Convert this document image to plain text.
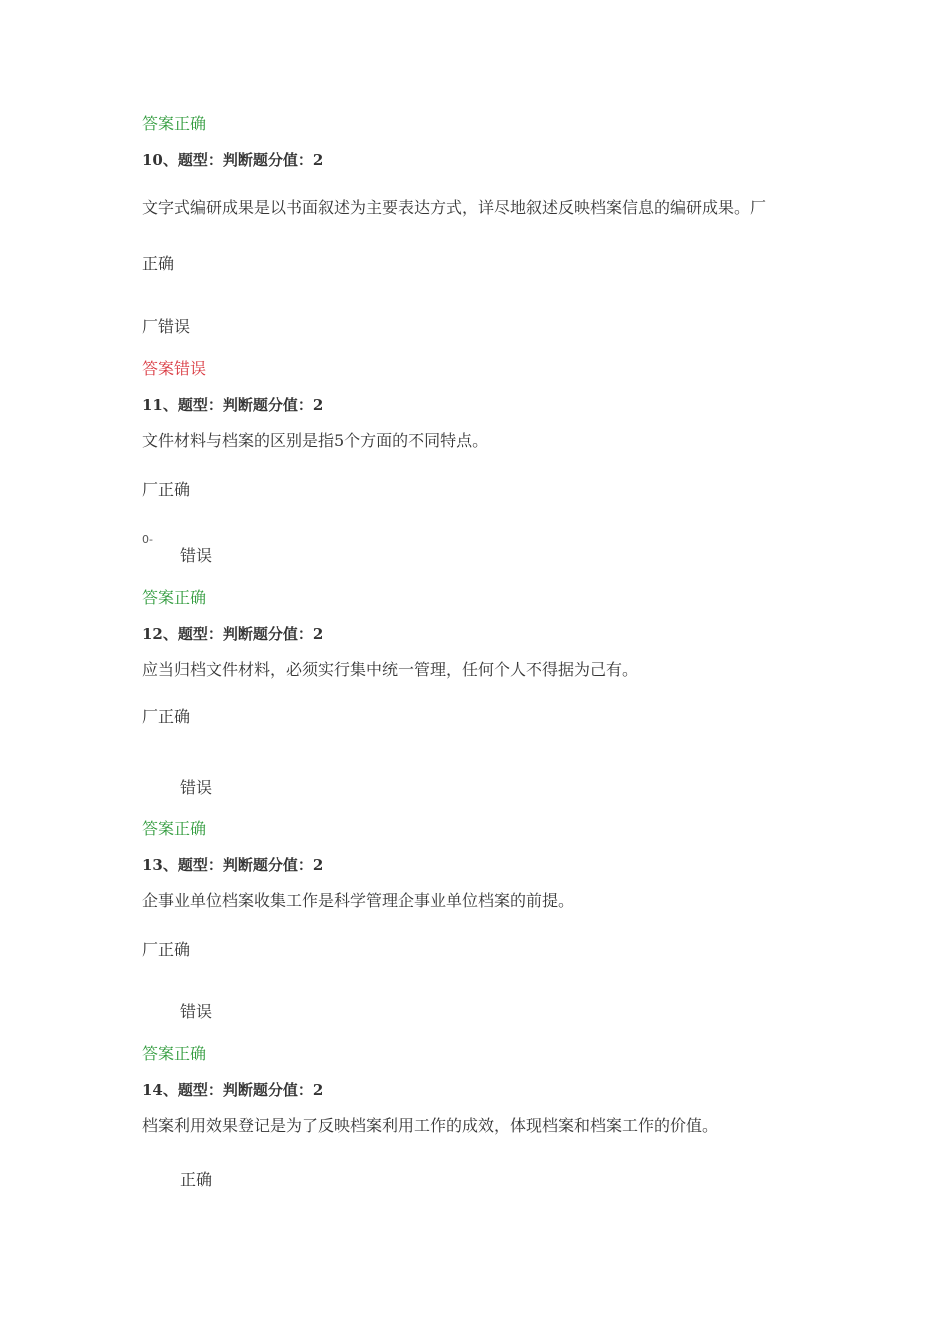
答案正确
10、题型：判断题分值：2
文字式编研成果是以书面叙述为主要表达方式，详尽地叙述反映档案信息的编研成果。厂
正确
厂错误
答案错误
11、题型：判断题分值：2
文件材料与档案的区别是指5个方面的不同特点。
厂正确
0-
错误
答案正确
12、题型：判断题分值：2
应当归档文件材料，必须实行集中统一管理，任何个人不得据为己有。
厂正确
错误
答案正确
13、题型：判断题分值：2
企事业单位档案收集工作是科学管理企事业单位档案的前提。
厂正确
错误
答案正确
14、题型：判断题分值：2
档案利用效果登记是为了反映档案利用工作的成效，体现档案和档案工作的价值。
正确
